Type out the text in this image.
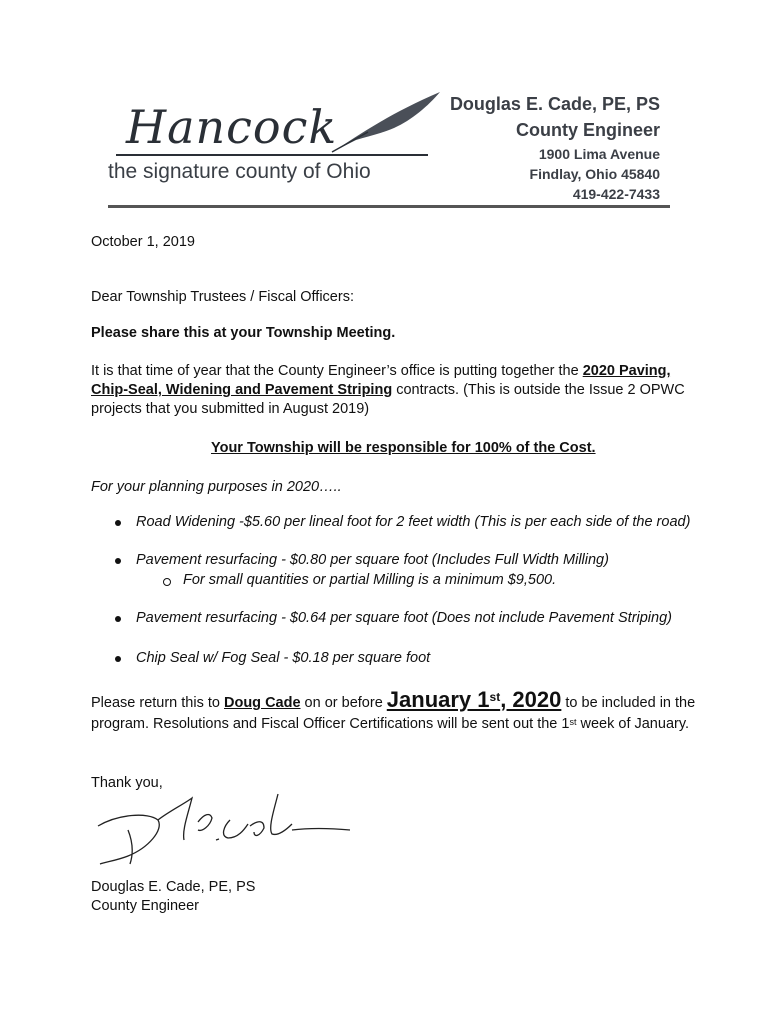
Hancock
the signature county of Ohio
Douglas E. Cade, PE, PS
County Engineer
1900 Lima Avenue
Findlay, Ohio 45840
419-422-7433
October 1, 2019
Dear Township Trustees / Fiscal Officers:
Please share this at your Township Meeting.
It is that time of year that the County Engineer’s office is putting together the 2020 Paving,
Chip-Seal, Widening and Pavement Striping contracts. (This is outside the Issue 2 OPWC
projects that you submitted in August 2019)
Your Township will be responsible for 100% of the Cost.
For your planning purposes in 2020…..
Road Widening -$5.60 per lineal foot for 2 feet width (This is per each side of the road)
Pavement resurfacing - $0.80 per square foot (Includes Full Width Milling)
For small quantities or partial Milling is a minimum $9,500.
Pavement resurfacing - $0.64 per square foot (Does not include Pavement Striping)
Chip Seal w/ Fog Seal - $0.18 per square foot
Please return this to Doug Cade on or before January 1st, 2020 to be included in the
program. Resolutions and Fiscal Officer Certifications will be sent out the 1st week of January.
Thank you,
Douglas E. Cade, PE, PS
County Engineer
